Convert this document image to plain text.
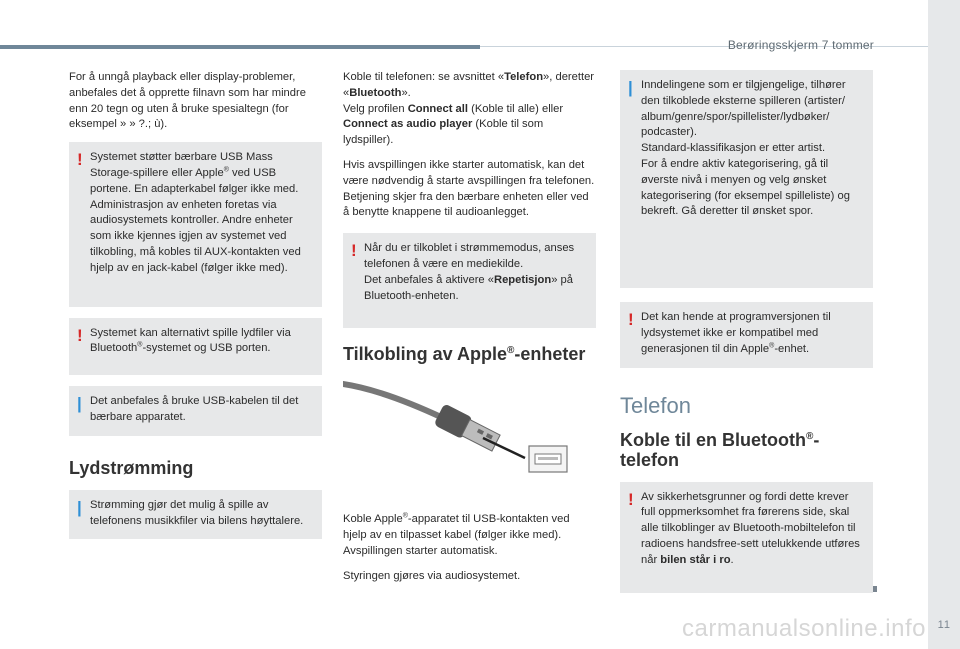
Berøringsskjerm 7 tommer
11
carmanualsonline.info

For å unngå playback eller display-problemer, anbefales det å opprette filnavn som har mindre enn 20 tegn og uten å bruke spesialtegn (for eksempel » » ?.; ù).

! Systemet støtter bærbare USB Mass Storage-spillere eller Apple® ved USB portene. En adapterkabel følger ikke med. Administrasjon av enheten foretas via audiosystemets kontroller. Andre enheter som ikke kjennes igjen av systemet ved tilkobling, må kobles til AUX-kontakten ved hjelp av en jack-kabel (følger ikke med).

! Systemet kan alternativt spille lydfiler via Bluetooth®-systemet og USB porten.

| Det anbefales å bruke USB-kabelen til det bærbare apparatet.

Lydstrømming
| Strømming gjør det mulig å spille av telefonens musikkfiler via bilens høyttalere.

Koble til telefonen: se avsnittet «Telefon», deretter «Bluetooth».
Velg profilen Connect all (Koble til alle) eller Connect as audio player (Koble til som lydspiller).

Hvis avspillingen ikke starter automatisk, kan det være nødvendig å starte avspillingen fra telefonen.
Betjening skjer fra den bærbare enheten eller ved å benytte knappene til audioanlegget.

! Når du er tilkoblet i strømmemodus, anses telefonen å være en mediekilde.
Det anbefales å aktivere «Repetisjon» på Bluetooth-enheten.

Tilkobling av Apple®-enheter

Koble Apple®-apparatet til USB-kontakten ved hjelp av en tilpasset kabel (følger ikke med). Avspillingen starter automatisk.

Styringen gjøres via audiosystemet.

| Inndelingene som er tilgjengelige, tilhører den tilkoblede eksterne spilleren (artister/ album/genre/spor/spillelister/lydbøker/ podcaster).
Standard-klassifikasjon er etter artist.
For å endre aktiv kategorisering, gå til øverste nivå i menyen og velg ønsket kategorisering (for eksempel spilleliste) og bekreft. Gå deretter til ønsket spor.

! Det kan hende at programversjonen til lydsystemet ikke er kompatibel med generasjonen til din Apple®-enhet.

Telefon
Koble til en Bluetooth®-telefon
! Av sikkerhetsgrunner og fordi dette krever full oppmerksomhet fra førerens side, skal alle tilkoblinger av Bluetooth-mobiltelefon til radioens handsfree-sett utelukkende utføres når bilen står i ro.
